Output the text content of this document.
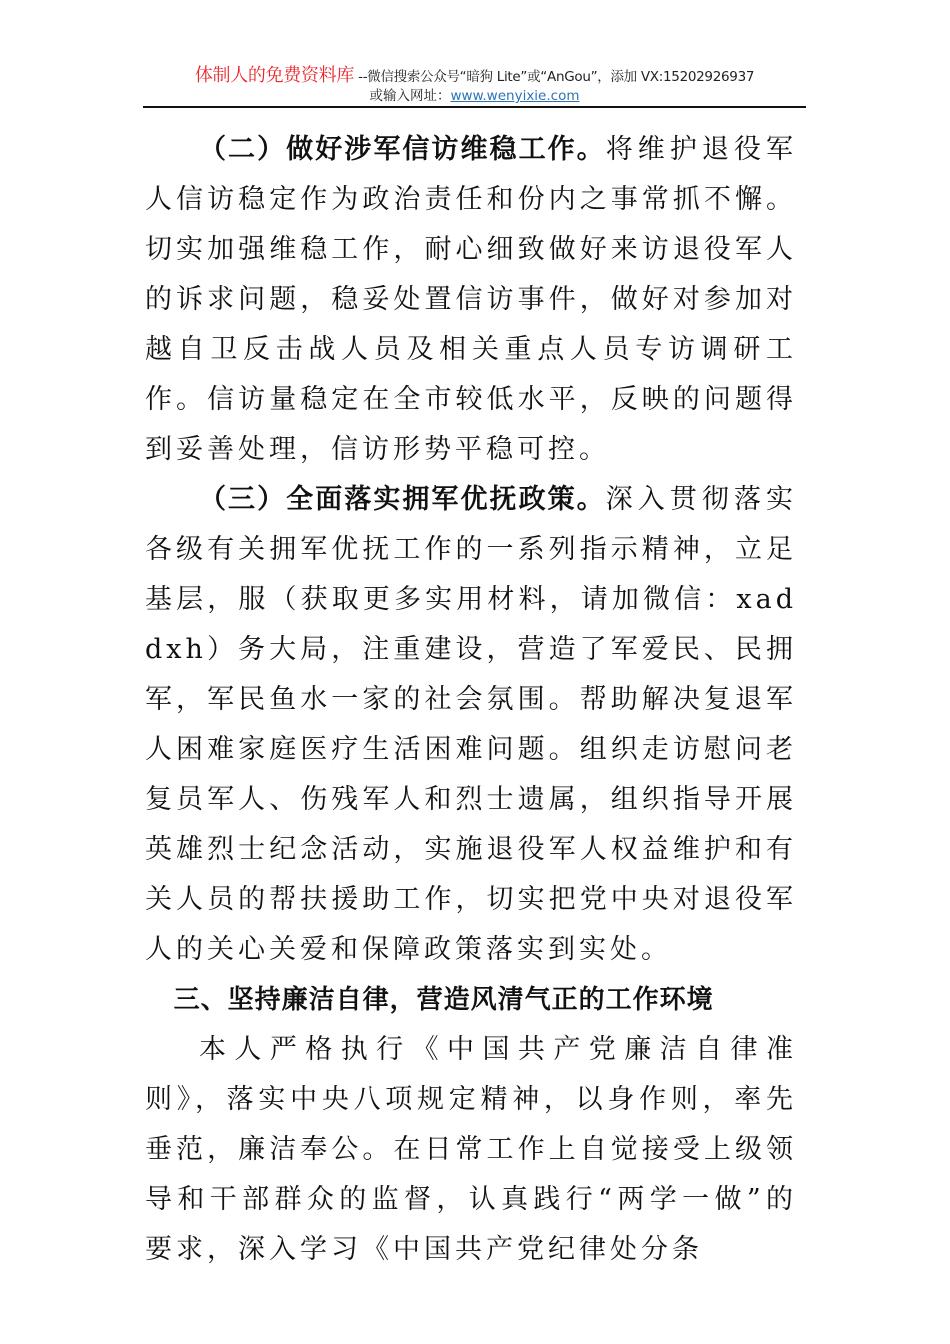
体制人的免费资料库 --微信搜索公众号“暗狗 Lite”或“AnGou”，添加 VX:15202926937
或输入网址：www.wenyixie.com

（二）做好涉军信访维稳工作。将维护退役军人信访稳定作为政治责任和份内之事常抓不懈。切实加强维稳工作，耐心细致做好来访退役军人的诉求问题，稳妥处置信访事件，做好对参加对越自卫反击战人员及相关重点人员专访调研工作。信访量稳定在全市较低水平，反映的问题得到妥善处理，信访形势平稳可控。

（三）全面落实拥军优抚政策。深入贯彻落实各级有关拥军优抚工作的一系列指示精神，立足基层，服（获取更多实用材料，请加微信：xaddxh）务大局，注重建设，营造了军爱民、民拥军，军民鱼水一家的社会氛围。帮助解决复退军人困难家庭医疗生活困难问题。组织走访慰问老复员军人、伤残军人和烈士遗属，组织指导开展英雄烈士纪念活动，实施退役军人权益维护和有关人员的帮扶援助工作，切实把党中央对退役军人的关心关爱和保障政策落实到实处。

三、坚持廉洁自律，营造风清气正的工作环境

本人严格执行《中国共产党廉洁自律准则》，落实中央八项规定精神，以身作则，率先垂范，廉洁奉公。在日常工作上自觉接受上级领导和干部群众的监督，认真践行“两学一做”的要求，深入学习《中国共产党纪律处分条
